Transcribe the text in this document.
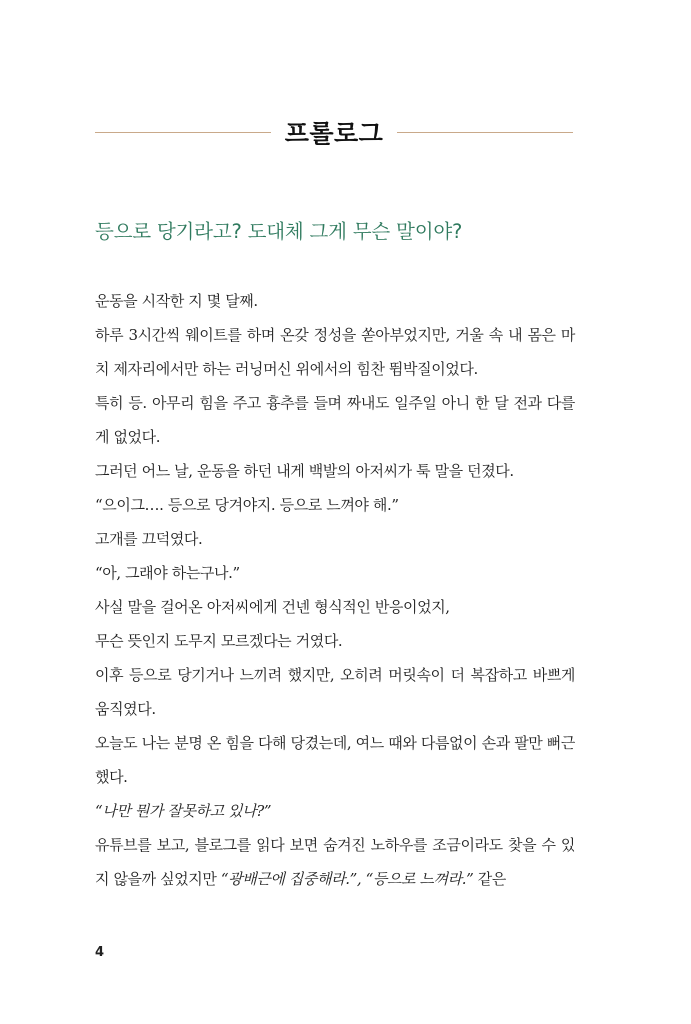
프롤로그
등으로 당기라고? 도대체 그게 무슨 말이야?

운동을 시작한 지 몇 달째.

하루 3시간씩 웨이트를 하며 온갖 정성을 쏟아부었지만, 거울 속 내 몸은 마치 제자리에서만 하는 러닝머신 위에서의 힘찬 뜀박질이었다.

특히 등. 아무리 힘을 주고 흉추를 들며 짜내도 일주일 아니 한 달 전과 다를 게 없었다.

그러던 어느 날, 운동을 하던 내게 백발의 아저씨가 툭 말을 던졌다.

“으이그…. 등으로 당겨야지. 등으로 느껴야 해.”

고개를 끄덕였다.

“아, 그래야 하는구나.”

사실 말을 걸어온 아저씨에게 건넨 형식적인 반응이었지,

무슨 뜻인지 도무지 모르겠다는 거였다.

이후 등으로 당기거나 느끼려 했지만, 오히려 머릿속이 더 복잡하고 바쁘게 움직였다.

오늘도 나는 분명 온 힘을 다해 당겼는데, 여느 때와 다름없이 손과 팔만 뻐근했다.

“나만 뭔가 잘못하고 있나?”

유튜브를 보고, 블로그를 읽다 보면 숨겨진 노하우를 조금이라도 찾을 수 있지 않을까 싶었지만 “광배근에 집중해라.”, “등으로 느껴라.” 같은

4
